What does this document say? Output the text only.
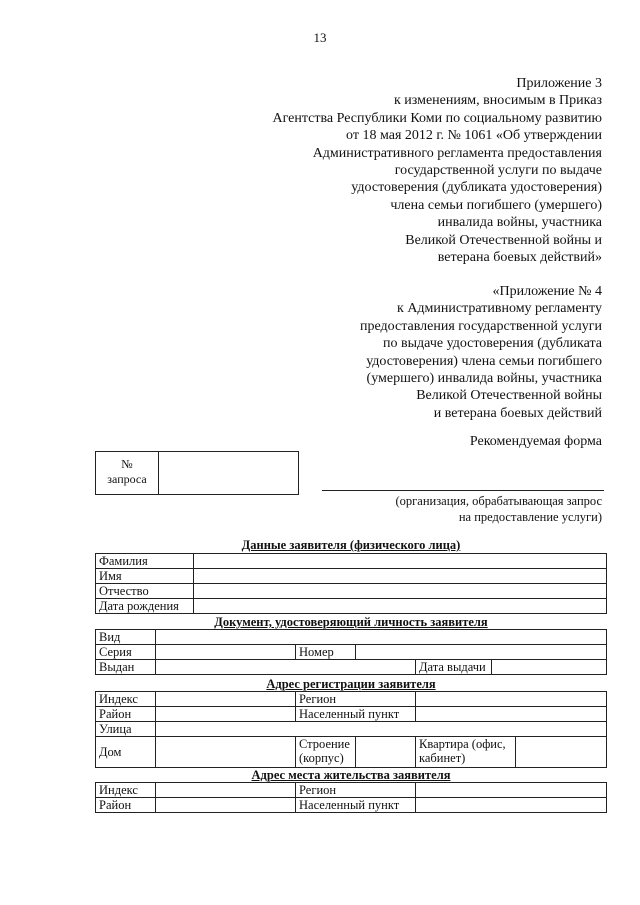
13
Приложение 3
к изменениям, вносимым в Приказ
Агентства Республики Коми по социальному развитию
от 18 мая 2012 г. № 1061 «Об утверждении
Административного регламента предоставления
государственной услуги по выдаче
удостоверения (дубликата удостоверения)
члена семьи погибшего (умершего)
инвалида войны, участника
Великой Отечественной войны и
ветерана боевых действий»
«Приложение № 4
к Административному регламенту
предоставления государственной услуги
по выдаче удостоверения (дубликата
удостоверения) члена семьи погибшего
(умершего) инвалида войны, участника
Великой Отечественной войны
и ветерана боевых действий
Рекомендуемая форма
№
запроса
(организация, обрабатывающая запрос
на предоставление услуги)
Данные заявителя (физического лица)
Фамилия	
Имя	
Отчество	
Дата рождения	
Документ, удостоверяющий личность заявителя
Вид					
Серия		Номер			
Выдан				Дата выдачи	
Адрес регистрации заявителя
Индекс		Регион			
Район		Населенный пункт			
Улица					
Дом		Строение (корпус)		Квартира (офис, кабинет)	
Адрес места жительства заявителя
Индекс		Регион	
Район		Населенный пункт	
